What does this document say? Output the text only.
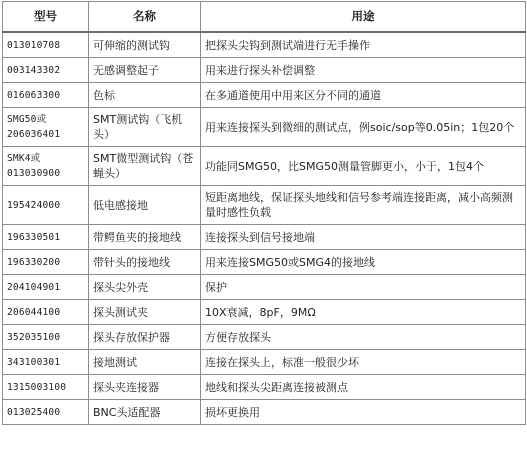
型号	名称	用途
013010708	可伸缩的测试钩	把探头尖钩到测试端进行无手操作
003143302	无感调整起子	用来进行探头补偿调整
016063300	色标	在多通道使用中用来区分不同的通道
SMG50或206036401	SMT测试钩（飞机头）	用来连接探头到微细的测试点，例soic/sop等0.05in；1包20个
SMK4或013030900	SMT微型测试钩（苍蝇头）	功能同SMG50，比SMG50测量管脚更小，小于，1包4个
195424000	低电感接地	短距离地线，保证探头地线和信号参考端连接距离，减小高频测量时感性负载
196330501	带鳄鱼夹的接地线	连接探头到信号接地端
196330200	带针头的接地线	用来连接SMG50或SMG4的接地线
204104901	探头尖外壳	保护
206044100	探头测试夹	10X衰减，8pF，9MΩ
352035100	探头存放保护器	方便存放探头
343100301	接地测试	连接在探头上，标准一般很少坏
1315003100	探头夹连接器	地线和探头尖距离连接被测点
013025400	BNC头适配器	损坏更换用
